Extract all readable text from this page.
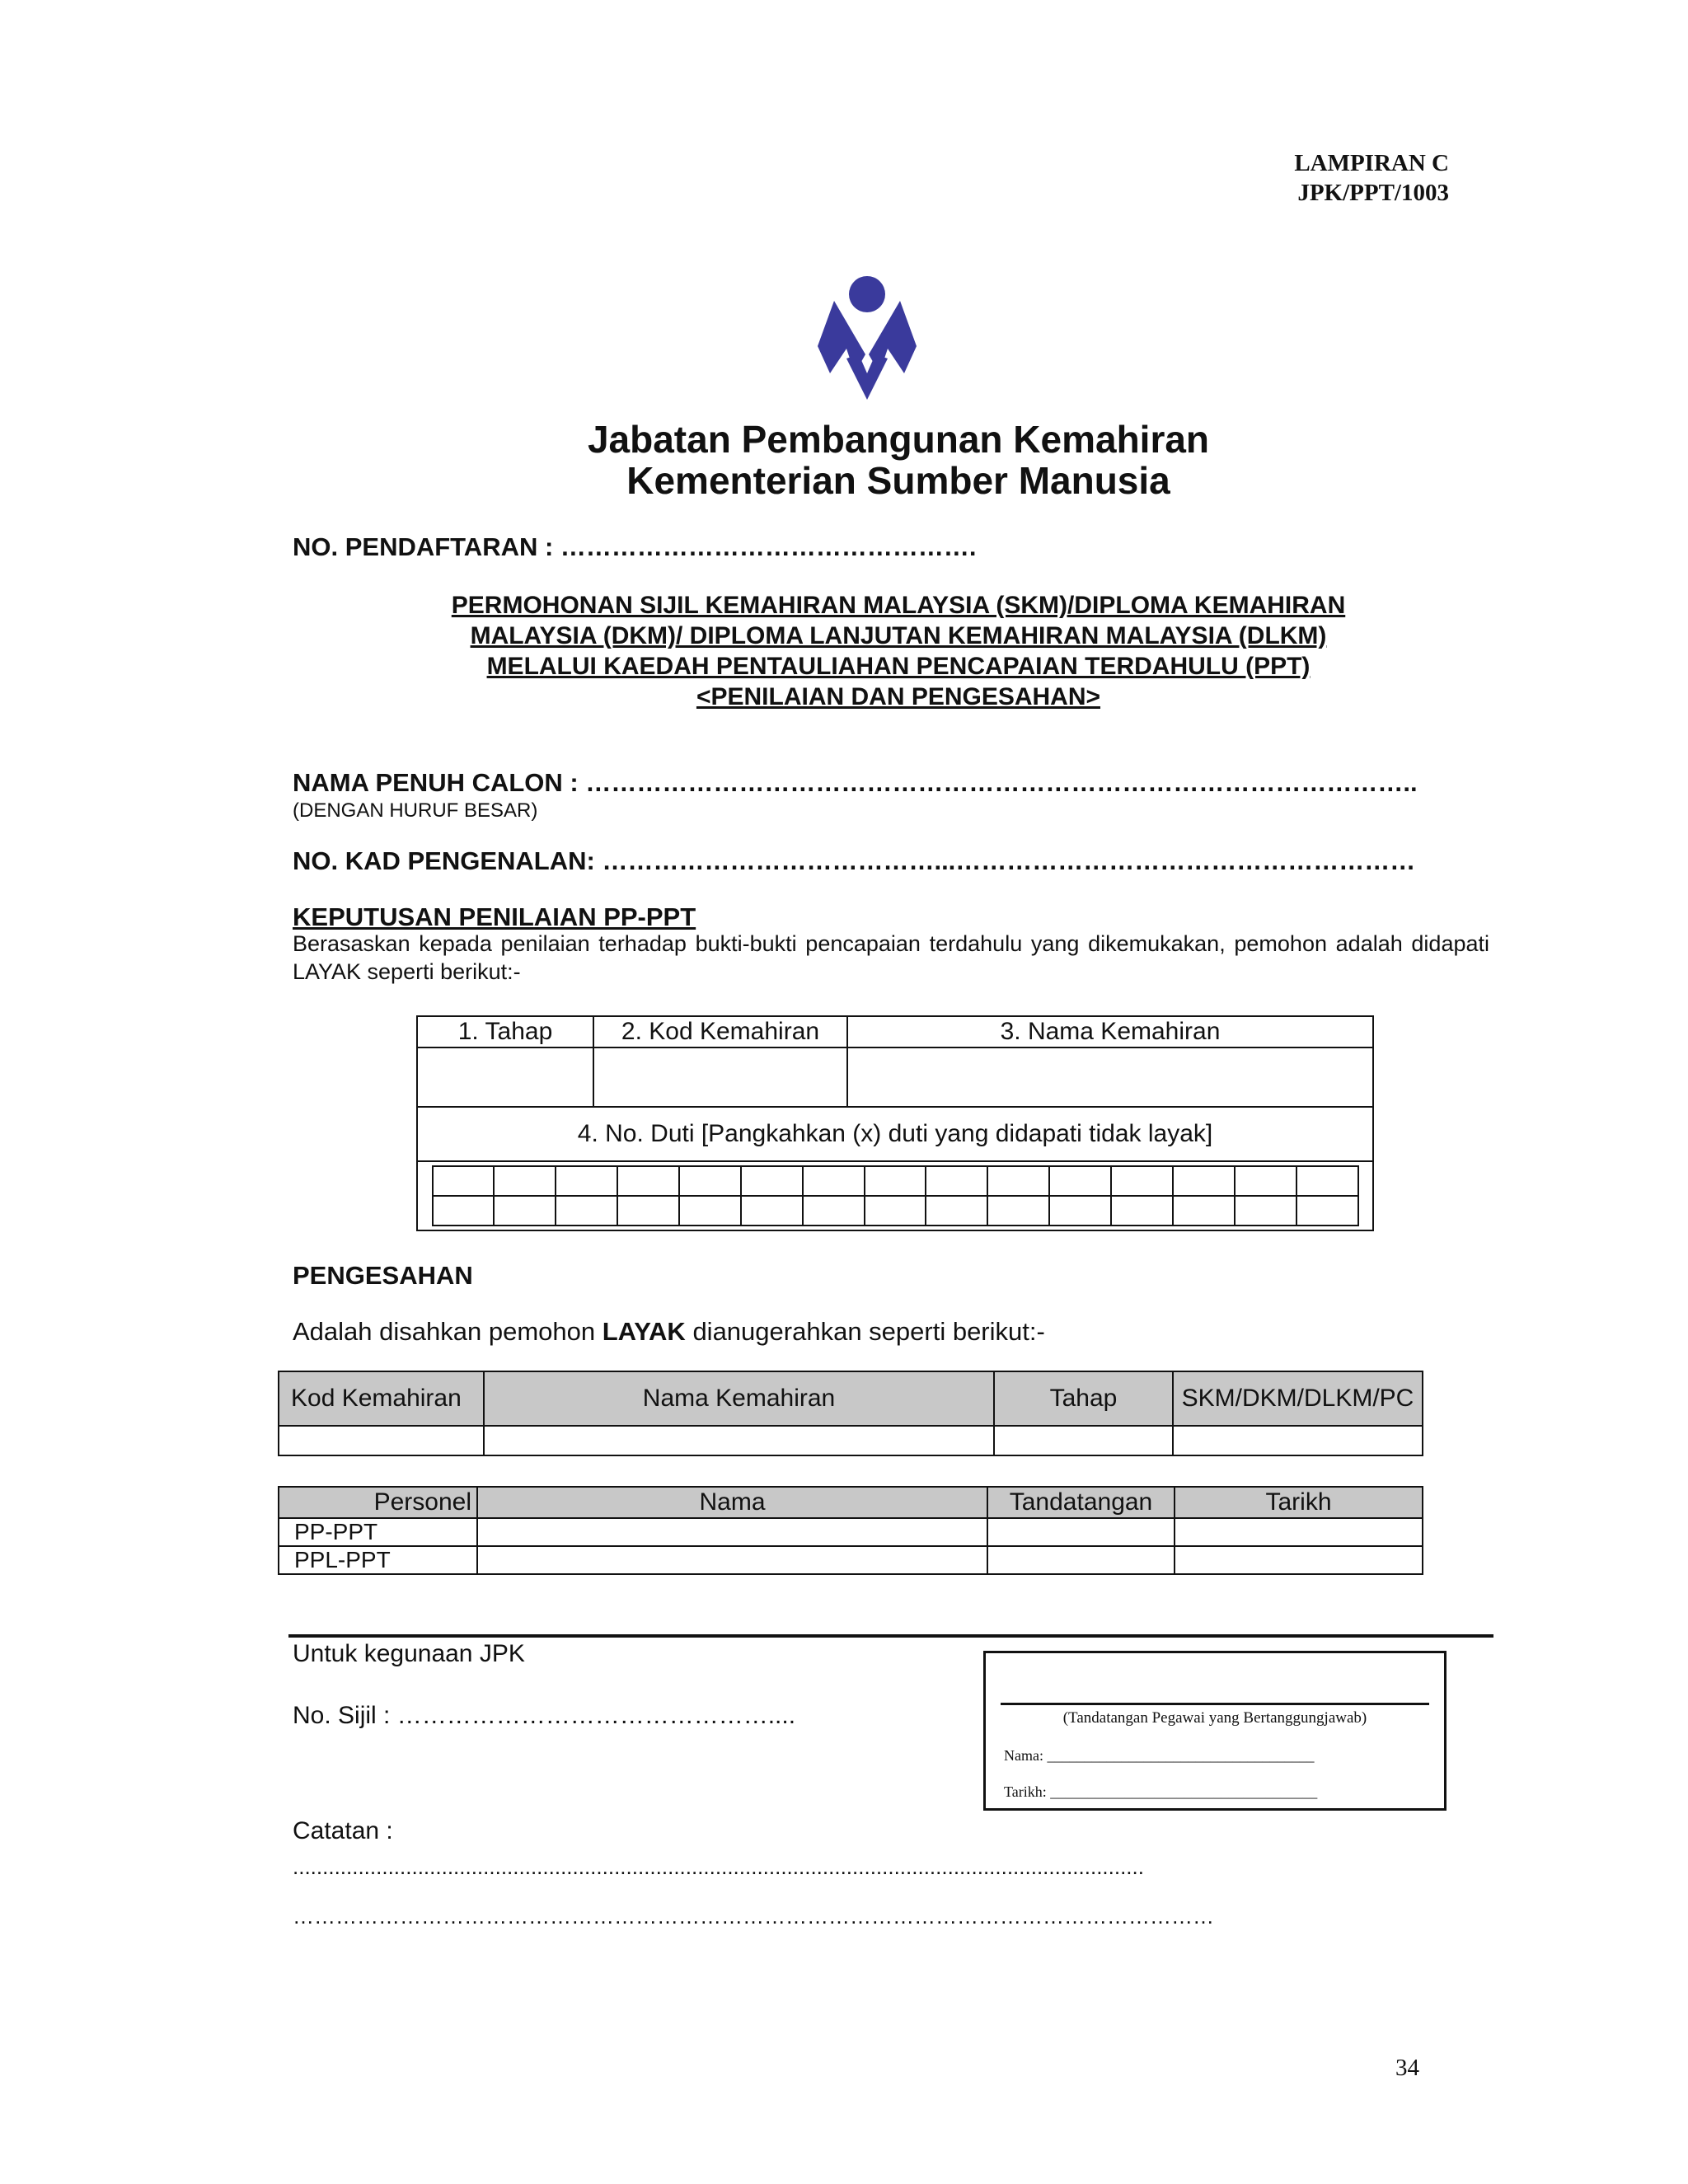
LAMPIRAN C
JPK/PPT/1003
Jabatan Pembangunan Kemahiran
Kementerian Sumber Manusia
NO. PENDAFTARAN : ………………………………………….
PERMOHONAN SIJIL KEMAHIRAN MALAYSIA (SKM)/DIPLOMA KEMAHIRAN
MALAYSIA (DKM)/ DIPLOMA LANJUTAN KEMAHIRAN MALAYSIA (DLKM)
MELALUI KAEDAH PENTAULIAHAN PENCAPAIAN TERDAHULU (PPT)
<PENILAIAN DAN PENGESAHAN>
NAMA PENUH CALON : ……………………………………………………………………………………..
(DENGAN HURUF BESAR)
NO. KAD PENGENALAN: …………………………………...………………………………………………
KEPUTUSAN PENILAIAN PP-PPT
Berasaskan kepada penilaian terhadap bukti-bukti pencapaian terdahulu yang dikemukakan, pemohon adalah didapati LAYAK seperti berikut:-
1. Tahap	2. Kod Kemahiran	3. Nama Kemahiran

4. No. Duti [Pangkahkan (x) duti yang didapati tidak layak]

PENGESAHAN
Adalah disahkan pemohon LAYAK dianugerahkan seperti berikut:-
Kod Kemahiran	Nama Kemahiran	Tahap	SKM/DKM/DLKM/PC

Personel	Nama	Tandatangan	Tarikh
PP-PPT			
PPL-PPT			
Untuk kegunaan JPK
No. Sijil : ………………………………………....	(Tandatangan Pegawai yang Bertanggungjawab)
Nama: ____________________________________
Tarikh: ____________________________________
Catatan :
...............................................................................................................................................
…………………………………………………………………………………………………………………
34
